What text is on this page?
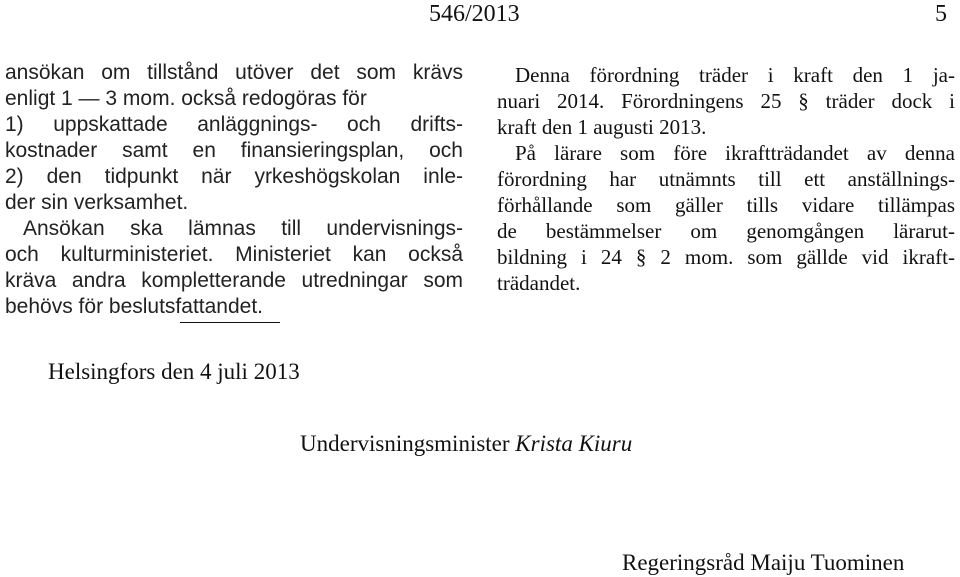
546/2013	5
ansökan om tillstånd utöver det som krävs
enligt 1 — 3 mom. också redogöras för
1) uppskattade anläggnings- och drifts-
kostnader samt en finansieringsplan, och
2) den tidpunkt när yrkeshögskolan inle-
der sin verksamhet.
Ansökan ska lämnas till undervisnings-
och kulturministeriet. Ministeriet kan också
kräva andra kompletterande utredningar som
behövs för beslutsfattandet.
Denna förordning träder i kraft den 1 ja-
nuari 2014. Förordningens 25 § träder dock i
kraft den 1 augusti 2013.
På lärare som före ikraftträdandet av denna
förordning har utnämnts till ett anställnings-
förhållande som gäller tills vidare tillämpas
de bestämmelser om genomgången lärarut-
bildning i 24 § 2 mom. som gällde vid ikraft-
trädandet.
Helsingfors den 4 juli 2013
Undervisningsminister Krista Kiuru
Regeringsråd Maiju Tuominen
